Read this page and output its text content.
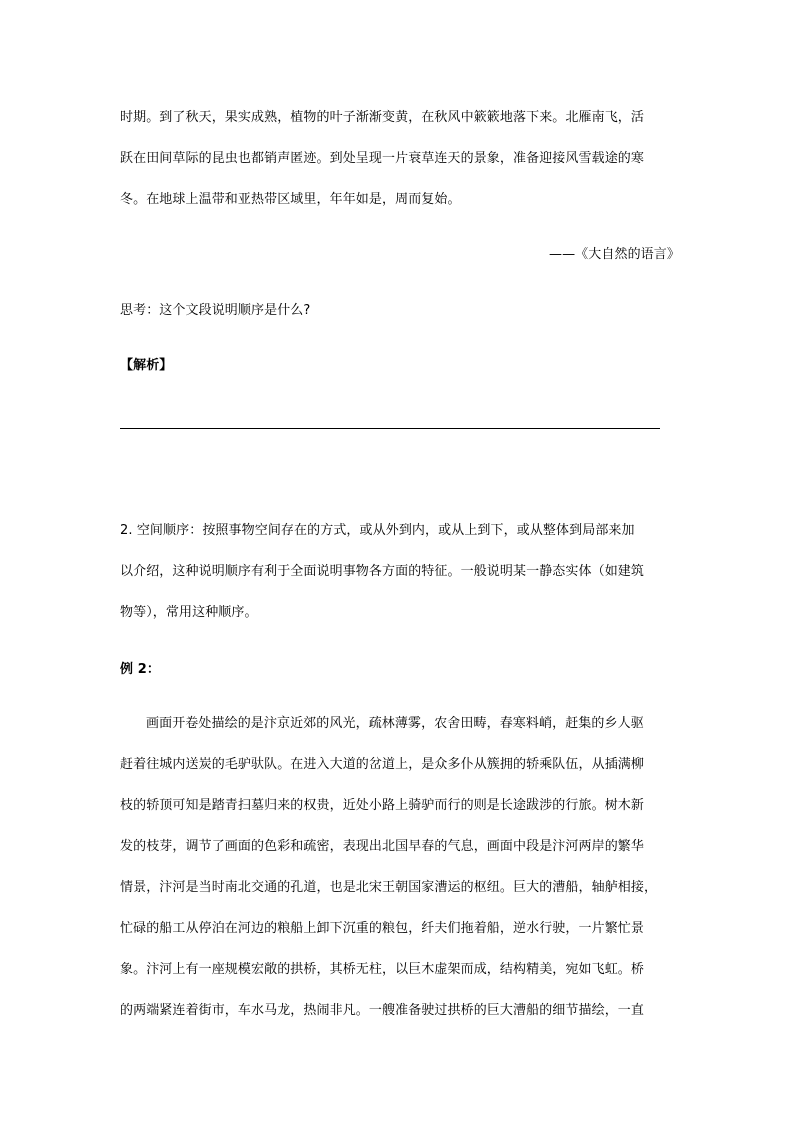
时期。到了秋天，果实成熟，植物的叶子渐渐变黄，在秋风中簌簌地落下来。北雁南飞，活
跃在田间草际的昆虫也都销声匿迹。到处呈现一片衰草连天的景象，准备迎接风雪载途的寒
冬。在地球上温带和亚热带区域里，年年如是，周而复始。
——《大自然的语言》
思考：这个文段说明顺序是什么?
【解析】
2. 空间顺序：按照事物空间存在的方式，或从外到内，或从上到下，或从整体到局部来加
以介绍，这种说明顺序有利于全面说明事物各方面的特征。一般说明某一静态实体（如建筑
物等），常用这种顺序。
例 2：
画面开卷处描绘的是汴京近郊的风光，疏林薄雾，农舍田畴，春寒料峭，赶集的乡人驱
赶着往城内送炭的毛驴驮队。在进入大道的岔道上，是众多仆从簇拥的轿乘队伍，从插满柳
枝的轿顶可知是踏青扫墓归来的权贵，近处小路上骑驴而行的则是长途跋涉的行旅。树木新
发的枝芽，调节了画面的色彩和疏密，表现出北国早春的气息，画面中段是汴河两岸的繁华
情景，汴河是当时南北交通的孔道，也是北宋王朝国家漕运的枢纽。巨大的漕船，轴舻相接，
忙碌的船工从停泊在河边的粮船上卸下沉重的粮包，纤夫们拖着船，逆水行驶，一片繁忙景
象。汴河上有一座规模宏敞的拱桥，其桥无柱，以巨木虚架而成，结构精美，宛如飞虹。桥
的两端紧连着街市，车水马龙，热闹非凡。一艘准备驶过拱桥的巨大漕船的细节描绘，一直
